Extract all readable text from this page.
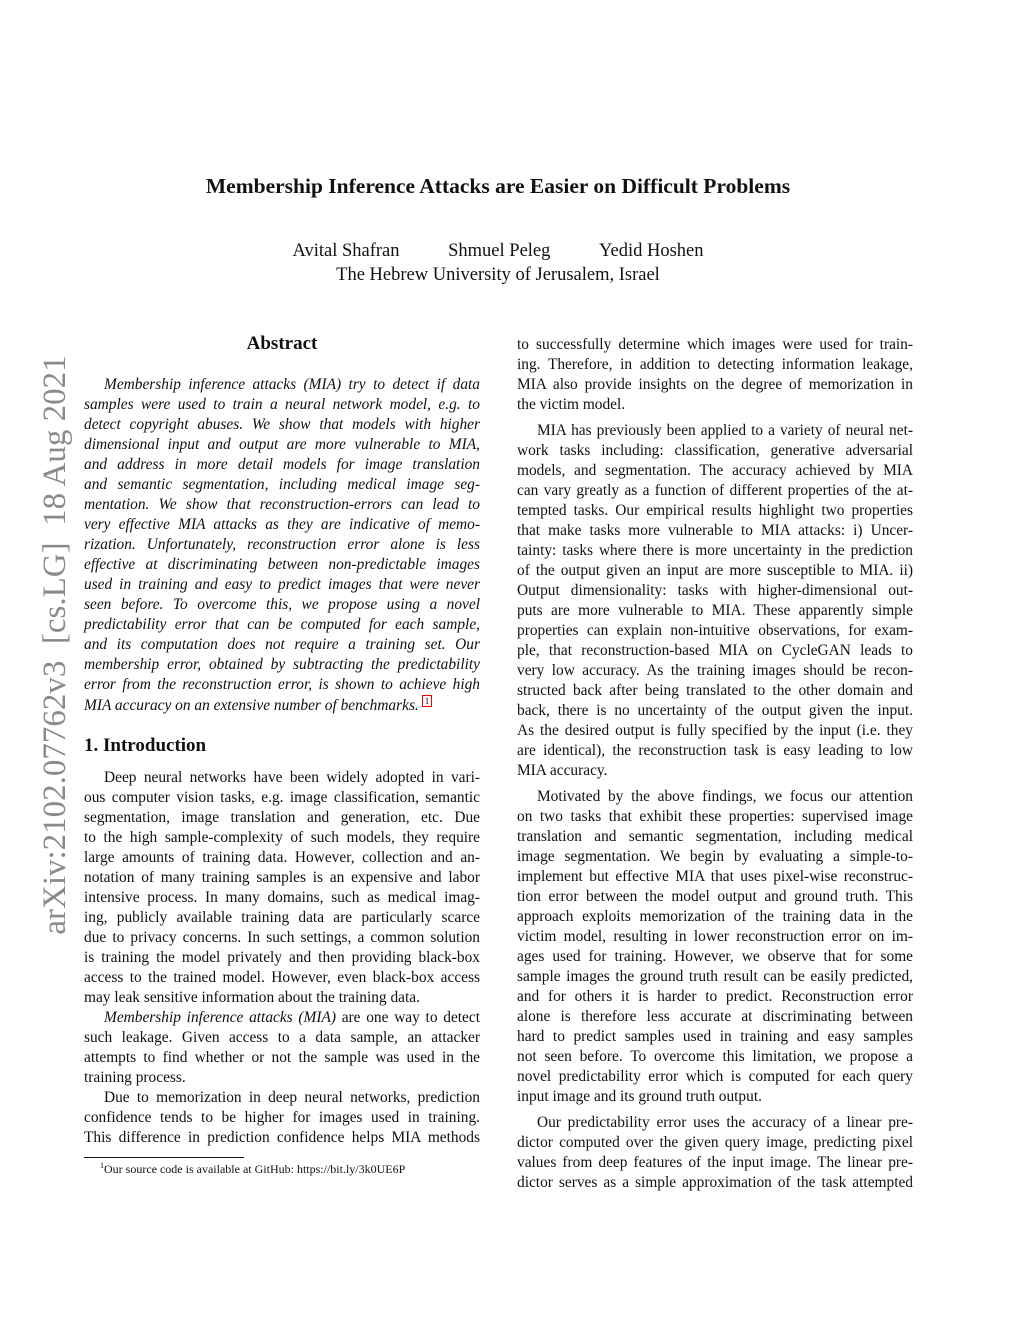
arXiv:2102.07762v3  [cs.LG]  18 Aug 2021
Membership Inference Attacks are Easier on Difficult Problems
Avital Shafran	Shmuel Peleg	Yedid Hoshen
The Hebrew University of Jerusalem, Israel
Abstract
1. Introduction
Membership inference attacks (MIA) try to detect if data
samples were used to train a neural network model, e.g. to
detect copyright abuses. We show that models with higher
dimensional input and output are more vulnerable to MIA,
and address in more detail models for image translation
and semantic segmentation, including medical image seg-
mentation. We show that reconstruction-errors can lead to
very effective MIA attacks as they are indicative of memo-
rization. Unfortunately, reconstruction error alone is less
effective at discriminating between non-predictable images
used in training and easy to predict images that were never
seen before. To overcome this, we propose using a novel
predictability error that can be computed for each sample,
and its computation does not require a training set. Our
membership error, obtained by subtracting the predictability
error from the reconstruction error, is shown to achieve high
MIA accuracy on an extensive number of benchmarks. 1
Deep neural networks have been widely adopted in vari-
ous computer vision tasks, e.g. image classification, semantic
segmentation, image translation and generation, etc. Due
to the high sample-complexity of such models, they require
large amounts of training data. However, collection and an-
notation of many training samples is an expensive and labor
intensive process. In many domains, such as medical imag-
ing, publicly available training data are particularly scarce
due to privacy concerns. In such settings, a common solution
is training the model privately and then providing black-box
access to the trained model. However, even black-box access
may leak sensitive information about the training data.
Membership inference attacks (MIA) are one way to detect
such leakage. Given access to a data sample, an attacker
attempts to find whether or not the sample was used in the
training process.
Due to memorization in deep neural networks, prediction
confidence tends to be higher for images used in training.
This difference in prediction confidence helps MIA methods
to successfully determine which images were used for train-
ing. Therefore, in addition to detecting information leakage,
MIA also provide insights on the degree of memorization in
the victim model.
MIA has previously been applied to a variety of neural net-
work tasks including: classification, generative adversarial
models, and segmentation. The accuracy achieved by MIA
can vary greatly as a function of different properties of the at-
tempted tasks. Our empirical results highlight two properties
that make tasks more vulnerable to MIA attacks: i) Uncer-
tainty: tasks where there is more uncertainty in the prediction
of the output given an input are more susceptible to MIA. ii)
Output dimensionality: tasks with higher-dimensional out-
puts are more vulnerable to MIA. These apparently simple
properties can explain non-intuitive observations, for exam-
ple, that reconstruction-based MIA on CycleGAN leads to
very low accuracy. As the training images should be recon-
structed back after being translated to the other domain and
back, there is no uncertainty of the output given the input.
As the desired output is fully specified by the input (i.e. they
are identical), the reconstruction task is easy leading to low
MIA accuracy.
Motivated by the above findings, we focus our attention
on two tasks that exhibit these properties: supervised image
translation and semantic segmentation, including medical
image segmentation. We begin by evaluating a simple-to-
implement but effective MIA that uses pixel-wise reconstruc-
tion error between the model output and ground truth. This
approach exploits memorization of the training data in the
victim model, resulting in lower reconstruction error on im-
ages used for training. However, we observe that for some
sample images the ground truth result can be easily predicted,
and for others it is harder to predict. Reconstruction error
alone is therefore less accurate at discriminating between
hard to predict samples used in training and easy samples
not seen before. To overcome this limitation, we propose a
novel predictability error which is computed for each query
input image and its ground truth output.
Our predictability error uses the accuracy of a linear pre-
dictor computed over the given query image, predicting pixel
values from deep features of the input image. The linear pre-
dictor serves as a simple approximation of the task attempted
$^1$Our source code is available at GitHub: https://bit.ly/3k0UE6P
